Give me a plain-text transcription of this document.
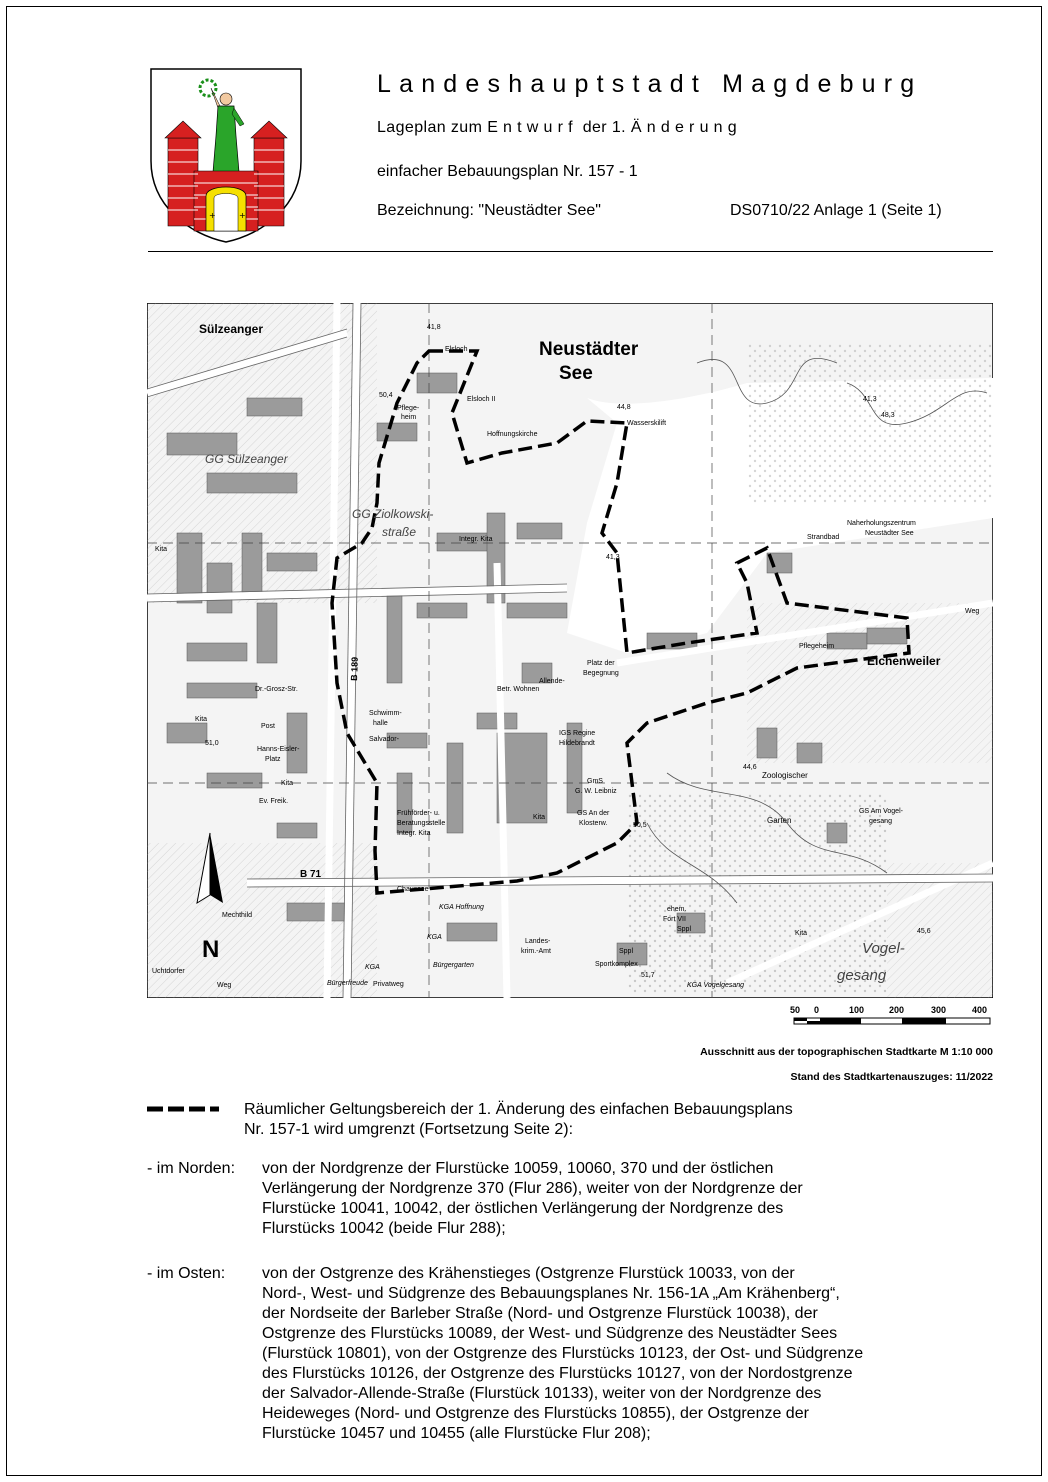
+	+
Landeshauptstadt Magdeburg
Lageplan zum Entwurf der 1. Änderung
einfacher Bebauungsplan Nr. 157 - 1
Bezeichnung: "Neustädter See"	DS0710/22 Anlage 1 (Seite 1)
Neustädter
See
Sülzeanger
GG Sülzeanger
GG Ziolkowski-
straße
Eichenweiler
Zoologischer
Garten
Vogel-
gesang
Pflege-
heim
Pflegeheim
Hoffnungskirche
Wasserskilift
Naherholungszentrum
Neustädter See
Strandbad
Integr. Kita
Integr. Kita
Kita
Kita
Kita
Kita
Kita
Post
Betr. Wohnen
IGS Regine
Hildebrandt
GmS
G. W. Leibniz
GS An der
Klosterw.
Frühförder- u.
Beratungsstelle
Schwimm-
halle
Platz der
Begegnung
KGA Hoffnung
KGA
KGA	Bürgergarten
Bürgerfreude	KGA Vogelgesang
Sportkomplex
Sppl
Sppl
ehem.
Fort VII
Landes-
krim.-Amt
B 71
B 189
Chaussee
Privatweg
Weg
Weg
Uchtdorfer
Ev. Freik.
Salvador-
Allende-
Dr.-Grosz-Str.
Hanns-Eisler-
Platz
Elsloch
Elsloch II
GS Am Vogel-
gesang
N
Mechthild
41,3
48,3
44,8
41,8
50,4
44,6
50,5
51,7
51,0
45,6
41,3
50 0	100	200	300	400
Ausschnitt aus der topographischen Stadtkarte M 1:10 000
Stand des Stadtkartenauszuges: 11/2022
Räumlicher Geltungsbereich der 1. Änderung des einfachen Bebauungsplans
Nr. 157-1 wird umgrenzt (Fortsetzung Seite 2):
- im Norden: von der Nordgrenze der Flurstücke 10059, 10060, 370 und der östlichen
Verlängerung der Nordgrenze 370 (Flur 286), weiter von der Nordgrenze der
Flurstücke 10041, 10042, der östlichen Verlängerung der Nordgrenze des
Flurstücks 10042 (beide Flur 288);
- im Osten: von der Ostgrenze des Krähenstieges (Ostgrenze Flurstück 10033, von der
Nord-, West- und Südgrenze des Bebauungsplanes Nr. 156-1A „Am Krähenberg“,
der Nordseite der Barleber Straße (Nord- und Ostgrenze Flurstück 10038), der
Ostgrenze des Flurstücks 10089, der West- und Südgrenze des Neustädter Sees
(Flurstück 10801), von der Ostgrenze des Flurstücks 10123, der Ost- und Südgrenze
des Flurstücks 10126, der Ostgrenze des Flurstücks 10127, von der Nordostgrenze
der Salvador-Allende-Straße (Flurstück 10133), weiter von der Nordgrenze des
Heideweges (Nord- und Ostgrenze des Flurstücks 10855), der Ostgrenze der
Flurstücke 10457 und 10455 (alle Flurstücke Flur 208);
